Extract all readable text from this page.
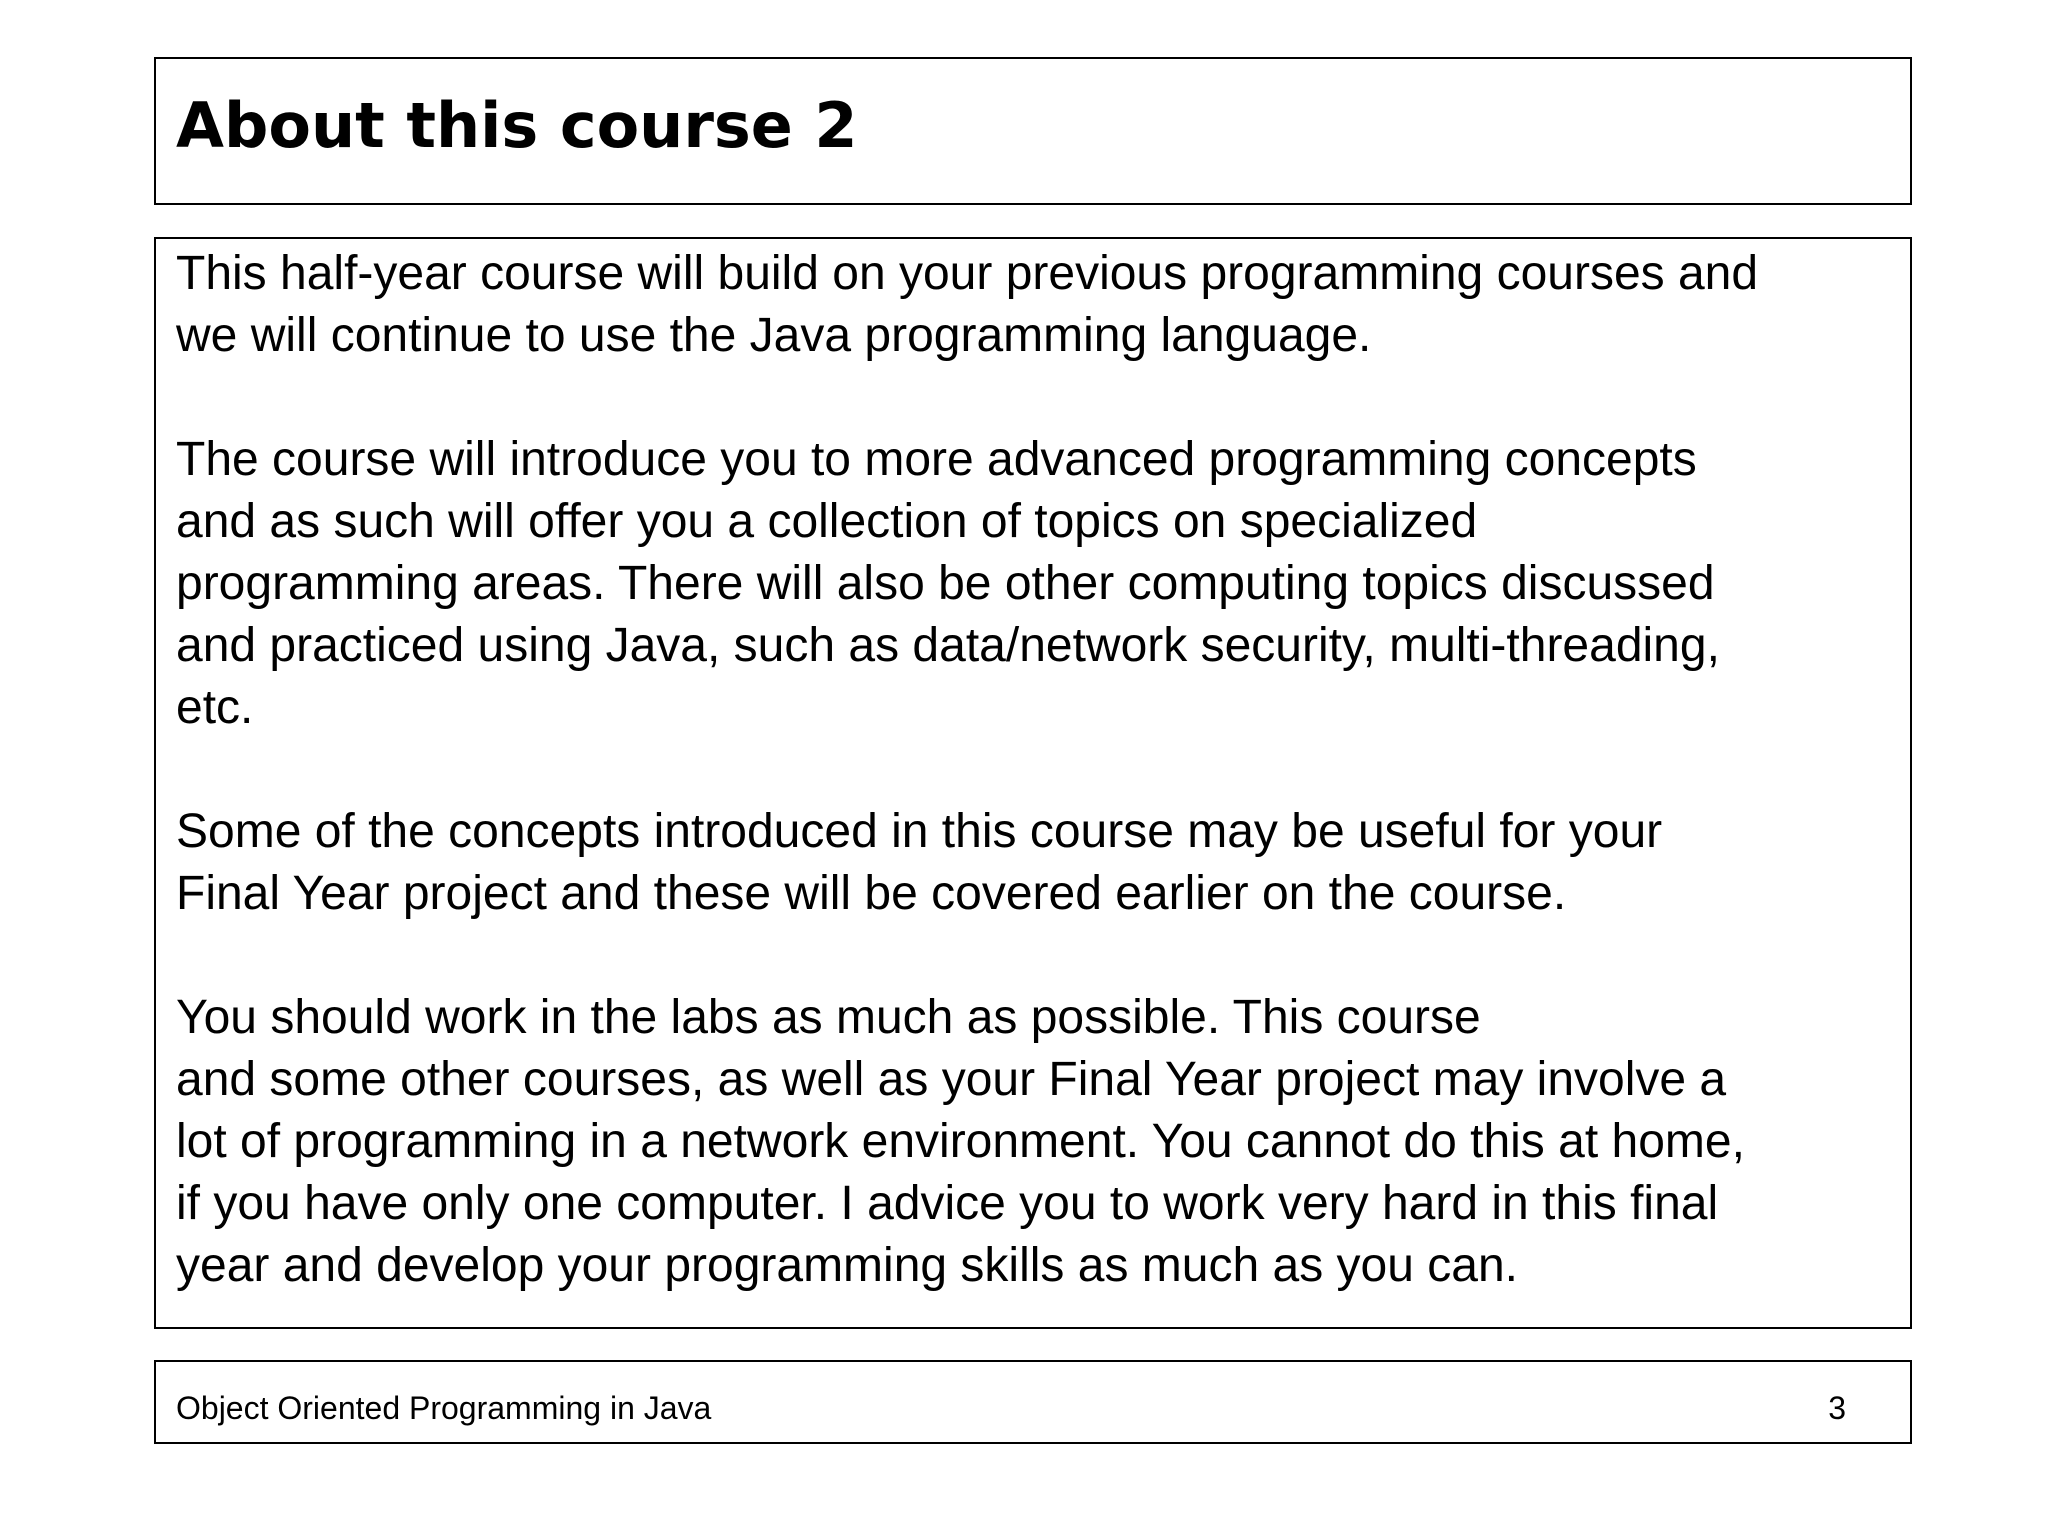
About this course 2

This half-year course will build on your previous programming courses and
we will continue to use the Java programming language.

The course will introduce you to more advanced programming concepts
and as such will offer you a collection of topics on specialized
programming areas. There will also be other computing topics discussed
and practiced using Java, such as data/network security, multi-threading,
etc.

Some of the concepts introduced in this course may be useful for your
Final Year project and these will be covered earlier on the course.

You should work in the labs as much as possible. This course
and some other courses, as well as your Final Year project may involve a
lot of programming in a network environment. You cannot do this at home,
if you have only one computer. I advice you to work very hard in this final
year and develop your programming skills as much as you can.

Object Oriented Programming in Java	3
